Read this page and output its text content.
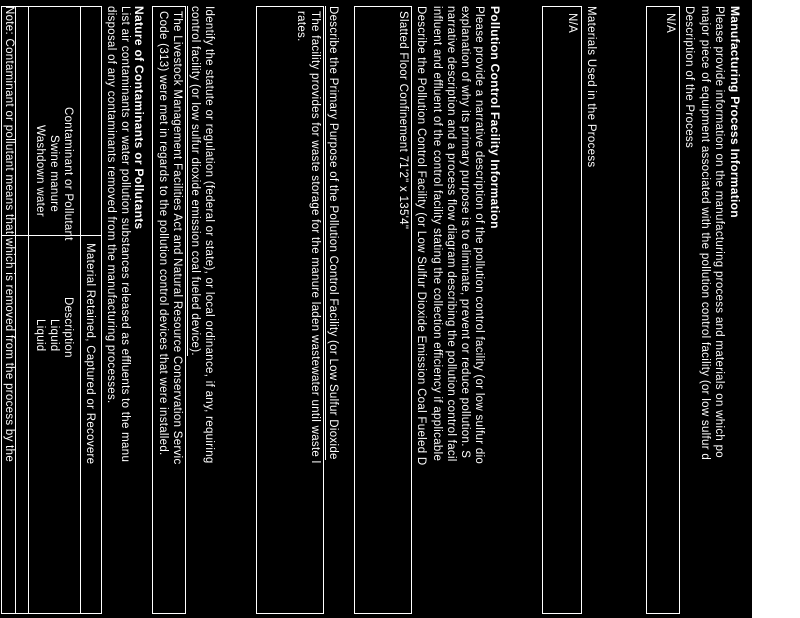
Manufacturing Process Information
Please provide information on the manufacturing process and materials on which po
major piece of equipment associated with the pollution control facility (or low sulfur d
Description of the Process
N/A
Materials Used in the Process
N/A
Pollution Control Facility Information
Please provide a narrative description of the pollution control facility (or low sulfur dio
explanation of why its primary purpose is to eliminate, prevent or reduce pollution. S
narrative description and a process flow diagram describing the pollution control facil
influent and effluent of the control facility stating the collection efficiency if applicable
Describe the Pollution Control Facility (or Low Sulfur Dioxide Emission Coal Fueled D
Slatted Floor Confinement 71'2" x 135'4"
Describe the Primary Purpose of the Pollution Control Facility (or Low Sulfur Dioxide
The facility provides for waste storage for the manure laden wastewater until waste l
rates.
Identify the statute or regulation (federal or state), or local ordinance, if any, requiring
control facility (or low sulfur dioxide emission coal fueled device).
The Livestock Management Facilities Act and Natural Resource Conservation Servic
Code (313) were met in regards to the pollution control devices that were installed.
Nature of Contaminants or Pollutants
List air contaminants or water pollution substances released as effluents to the manu
disposal of any contaminants removed from the manufacturing processes.
Material Retained, Captured or Recovere
Contaminant or Pollutant
Description
Swine manure
Liquid
Washdown water
Liquid
Note: Contaminant or pollutant means that which is removed from the process by the
